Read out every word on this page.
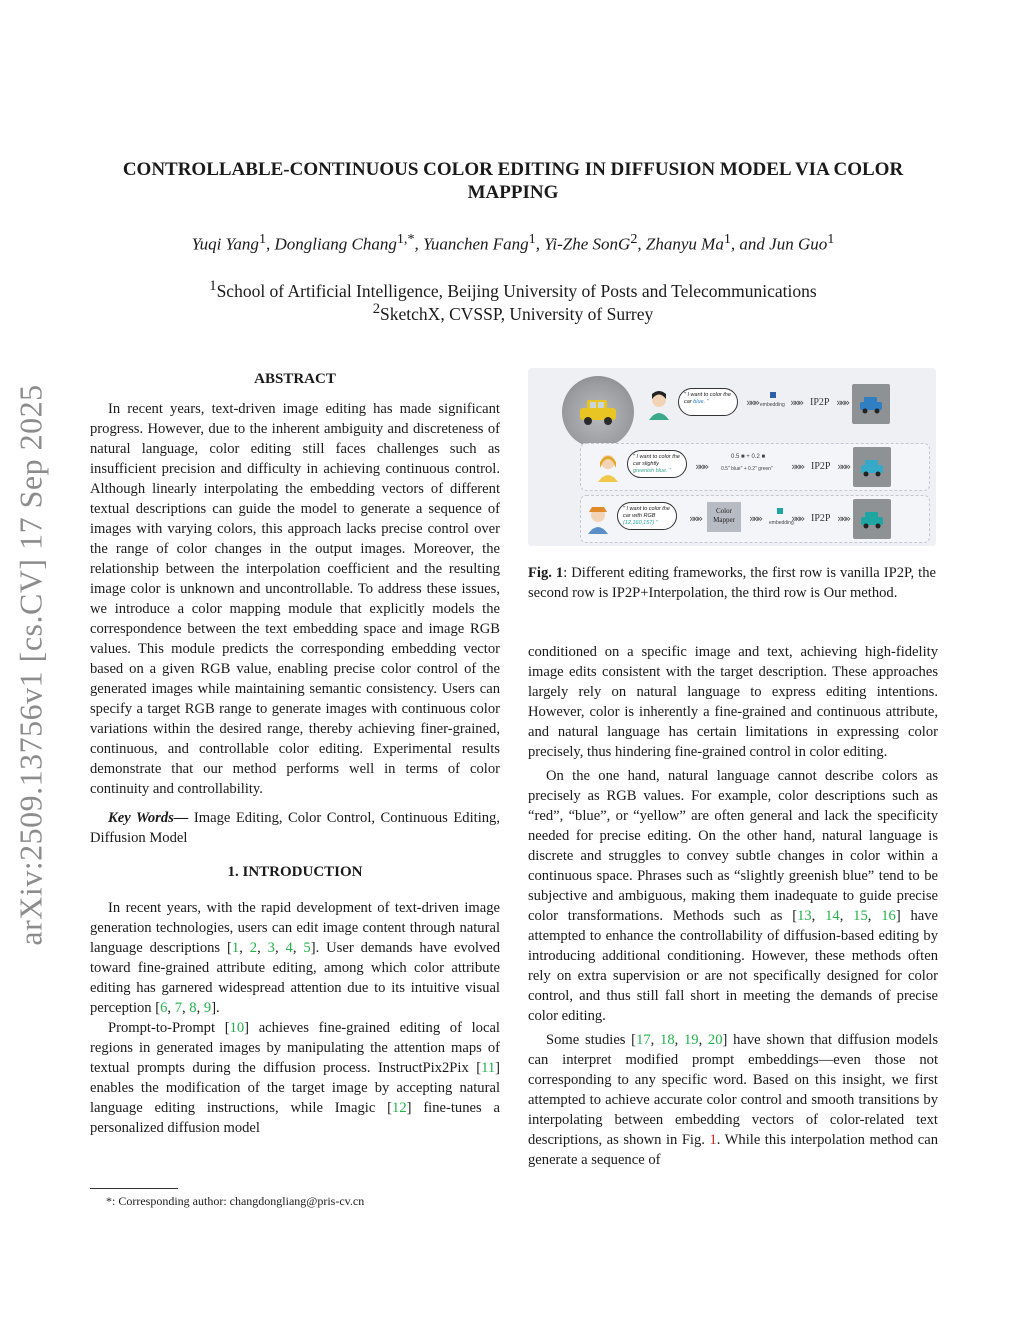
arXiv:2509.13756v1 [cs.CV] 17 Sep 2025
CONTROLLABLE-CONTINUOUS COLOR EDITING IN DIFFUSION MODEL VIA COLOR MAPPING
Yuqi Yang$^1$, Dongliang Chang$^{1,*}$, Yuanchen Fang$^1$, Yi-Zhe SonG$^2$, Zhanyu Ma$^1$, and Jun Guo$^1$
$^1$School of Artificial Intelligence, Beijing University of Posts and Telecommunications
$^2$SketchX, CVSSP, University of Surrey

ABSTRACT

In recent years, text-driven image editing has made significant progress. However, due to the inherent ambiguity and discreteness of natural language, color editing still faces challenges such as insufficient precision and difficulty in achieving continuous control. Although linearly interpolating the embedding vectors of different textual descriptions can guide the model to generate a sequence of images with varying colors, this approach lacks precise control over the range of color changes in the output images. Moreover, the relationship between the interpolation coefficient and the resulting image color is unknown and uncontrollable. To address these issues, we introduce a color mapping module that explicitly models the correspondence between the text embedding space and image RGB values. This module predicts the corresponding embedding vector based on a given RGB value, enabling precise color control of the generated images while maintaining semantic consistency. Users can specify a target RGB range to generate images with continuous color variations within the desired range, thereby achieving finer-grained, continuous, and controllable color editing. Experimental results demonstrate that our method performs well in terms of color continuity and controllability.

Key Words— Image Editing, Color Control, Continuous Editing, Diffusion Model

1. INTRODUCTION

In recent years, with the rapid development of text-driven image generation technologies, users can edit image content through natural language descriptions [1, 2, 3, 4, 5]. User demands have evolved toward fine-grained attribute editing, among which color attribute editing has garnered widespread attention due to its intuitive visual perception [6, 7, 8, 9].

Prompt-to-Prompt [10] achieves fine-grained editing of local regions in generated images by manipulating the attention maps of textual prompts during the diffusion process. InstructPix2Pix [11] enables the modification of the target image by accepting natural language editing instructions, while Imagic [12] fine-tunes a personalized diffusion model

*: Corresponding author: changdongliang@pris-cv.cn
" I want to color the car blue. "	»»» embedding »»» IP2P »»»
" I want to color the car slightly greenish blue. "	»»»
0.5 ■ + 0.2 ■
0.5" blue" + 0.2" green" »»» IP2P »»»
" I want to color the car with RGB (12,160,157) "	»»»
Color Mapper	»»» embedding
»»» IP2P »»»
Fig. 1: Different editing frameworks, the first row is vanilla IP2P, the second row is IP2P+Interpolation, the third row is Our method.

conditioned on a specific image and text, achieving high-fidelity image edits consistent with the target description. These approaches largely rely on natural language to express editing intentions. However, color is inherently a fine-grained and continuous attribute, and natural language has certain limitations in expressing color precisely, thus hindering fine-grained control in color editing.

On the one hand, natural language cannot describe colors as precisely as RGB values. For example, color descriptions such as “red”, “blue”, or “yellow” are often general and lack the specificity needed for precise editing. On the other hand, natural language is discrete and struggles to convey subtle changes in color within a continuous space. Phrases such as “slightly greenish blue” tend to be subjective and ambiguous, making them inadequate to guide precise color transformations. Methods such as [13, 14, 15, 16] have attempted to enhance the controllability of diffusion-based editing by introducing additional conditioning. However, these methods often rely on extra supervision or are not specifically designed for color control, and thus still fall short in meeting the demands of precise color editing.

Some studies [17, 18, 19, 20] have shown that diffusion models can interpret modified prompt embeddings—even those not corresponding to any specific word. Based on this insight, we first attempted to achieve accurate color control and smooth transitions by interpolating between embedding vectors of color-related text descriptions, as shown in Fig. 1. While this interpolation method can generate a sequence of
